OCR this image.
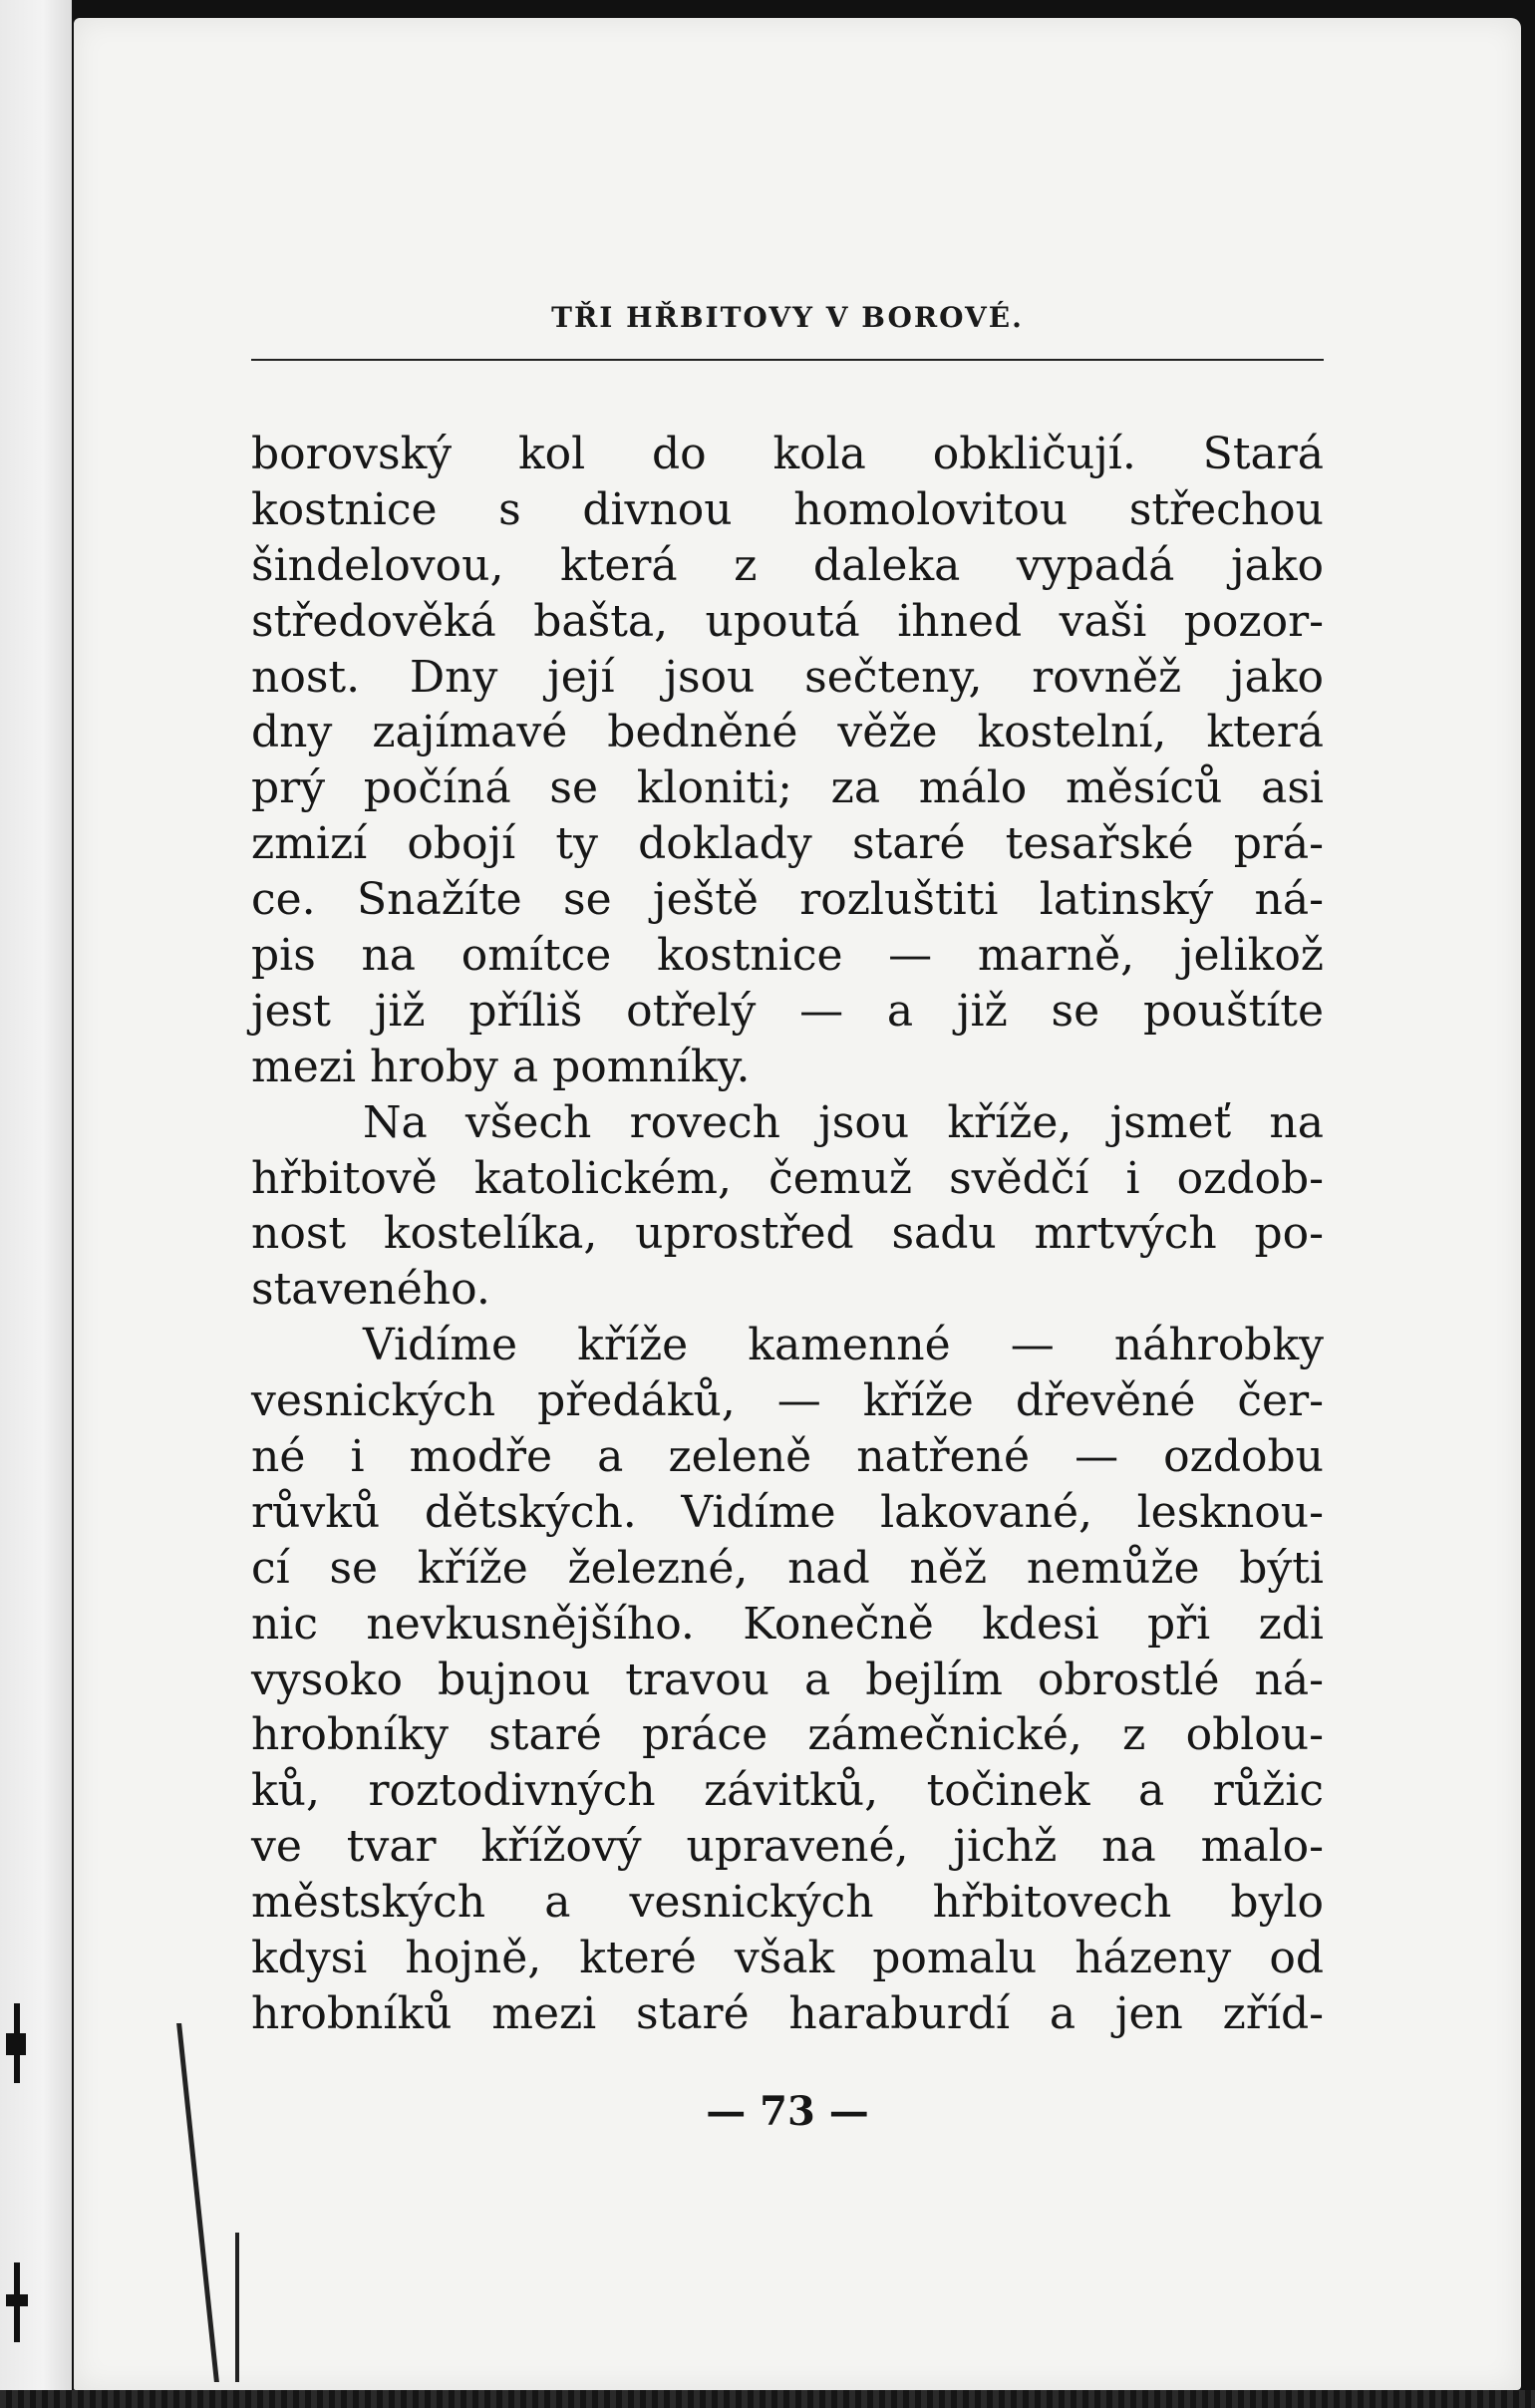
TŘI HŘBITOVY V BOROVÉ.
borovský kol do kola obkličují. Stará
kostnice s divnou homolovitou střechou
šindelovou, která z daleka vypadá jako
středověká bašta, upoutá ihned vaši pozor-
nost. Dny její jsou sečteny, rovněž jako
dny zajímavé bedněné věže kostelní, která
prý počíná se kloniti; za málo měsíců asi
zmizí obojí ty doklady staré tesařské prá-
ce. Snažíte se ještě rozluštiti latinský ná-
pis na omítce kostnice — marně, jelikož
jest již příliš otřelý — a již se pouštíte
mezi hroby a pomníky.
Na všech rovech jsou kříže, jsmeť na
hřbitově katolickém, čemuž svědčí i ozdob-
nost kostelíka, uprostřed sadu mrtvých po-
staveného.
Vidíme kříže kamenné — náhrobky
vesnických předáků, — kříže dřevěné čer-
né i modře a zeleně natřené — ozdobu
růvků dětských. Vidíme lakované, lesknou-
cí se kříže železné, nad něž nemůže býti
nic nevkusnějšího. Konečně kdesi při zdi
vysoko bujnou travou a bejlím obrostlé ná-
hrobníky staré práce zámečnické, z oblou-
ků, roztodivných závitků, točinek a růžic
ve tvar křížový upravené, jichž na malo-
městských a vesnických hřbitovech bylo
kdysi hojně, které však pomalu házeny od
hrobníků mezi staré haraburdí a jen zříd-
— 73 —
